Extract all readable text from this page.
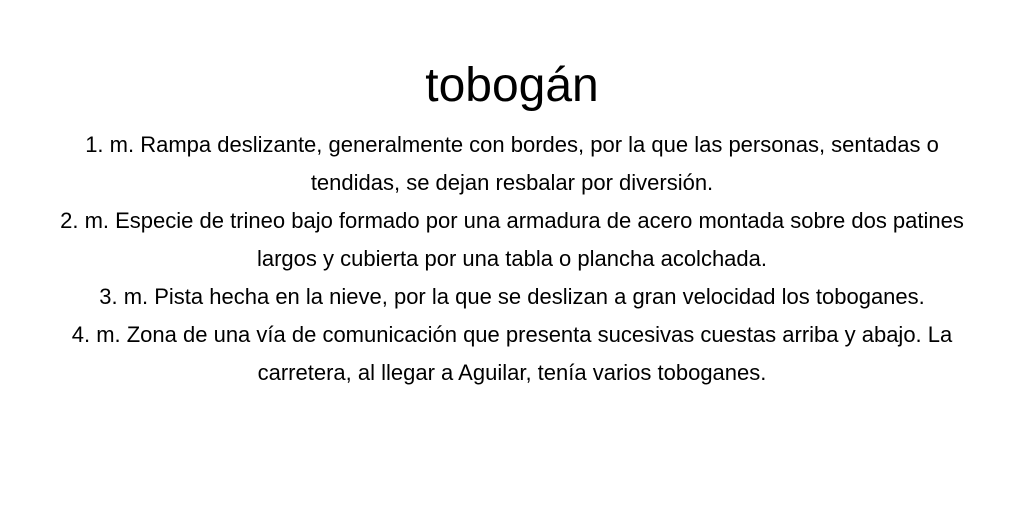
tobogán
1. m. Rampa deslizante, generalmente con bordes, por la que las personas, sentadas o tendidas, se dejan resbalar por diversión.
2. m. Especie de trineo bajo formado por una armadura de acero montada sobre dos patines largos y cubierta por una tabla o plancha acolchada.
3. m. Pista hecha en la nieve, por la que se deslizan a gran velocidad los toboganes.
4. m. Zona de una vía de comunicación que presenta sucesivas cuestas arriba y abajo. La carretera, al llegar a Aguilar, tenía varios toboganes.
